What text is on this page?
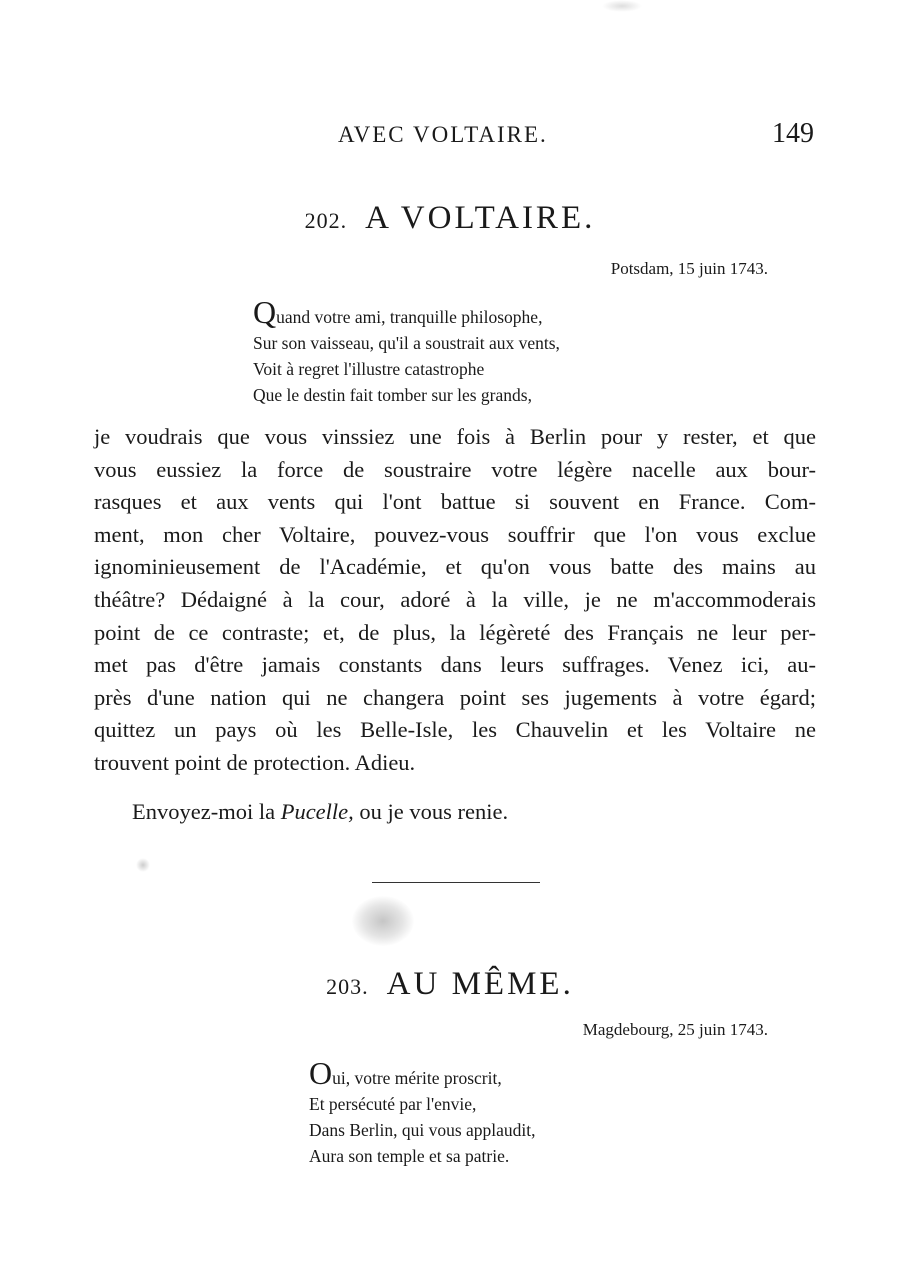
AVEC VOLTAIRE.	149
202. A VOLTAIRE.
Potsdam, 15 juin 1743.
Quand votre ami, tranquille philosophe,
Sur son vaisseau, qu'il a soustrait aux vents,
Voit à regret l'illustre catastrophe
Que le destin fait tomber sur les grands,
je voudrais que vous vinssiez une fois à Berlin pour y rester, et que
vous eussiez la force de soustraire votre légère nacelle aux bour-
rasques et aux vents qui l'ont battue si souvent en France. Com-
ment, mon cher Voltaire, pouvez-vous souffrir que l'on vous exclue
ignominieusement de l'Académie, et qu'on vous batte des mains au
théâtre? Dédaigné à la cour, adoré à la ville, je ne m'accommoderais
point de ce contraste; et, de plus, la légèreté des Français ne leur per-
met pas d'être jamais constants dans leurs suffrages. Venez ici, au-
près d'une nation qui ne changera point ses jugements à votre égard;
quittez un pays où les Belle-Isle, les Chauvelin et les Voltaire ne
trouvent point de protection. Adieu.
Envoyez-moi la Pucelle, ou je vous renie.
203. AU MÊME.
Magdebourg, 25 juin 1743.
Oui, votre mérite proscrit,
Et persécuté par l'envie,
Dans Berlin, qui vous applaudit,
Aura son temple et sa patrie.
